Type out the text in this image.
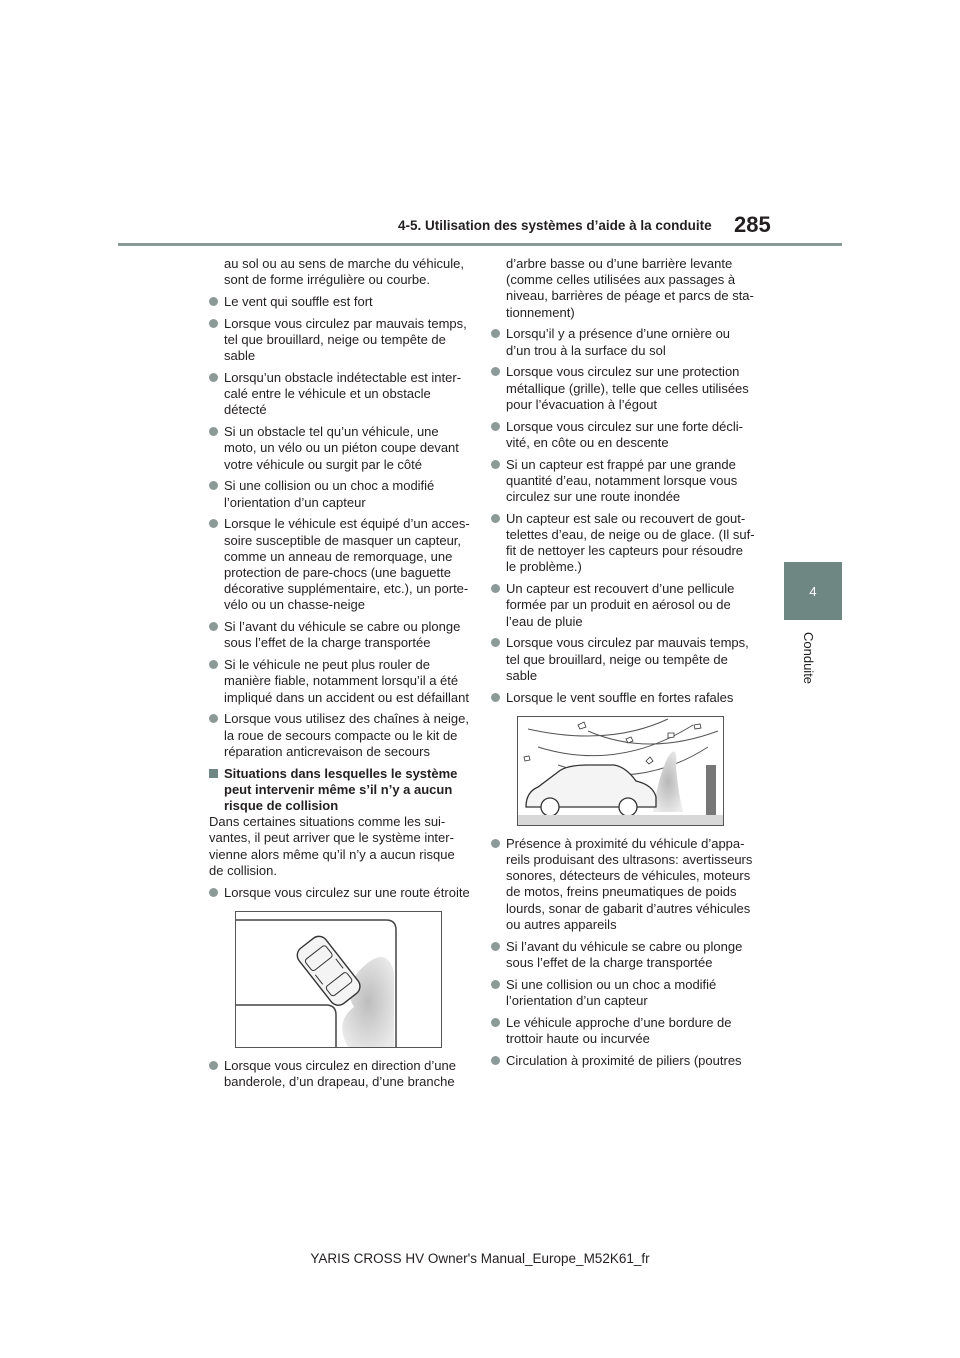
4-5. Utilisation des systèmes d’aide à la conduite 285
4
Conduite

au sol ou au sens de marche du véhicule, sont de forme irrégulière ou courbe.

Le vent qui souffle est fort
Lorsque vous circulez par mauvais temps, tel que brouillard, neige ou tempête de sable
Lorsqu’un obstacle indétectable est inter-calé entre le véhicule et un obstacle détecté
Si un obstacle tel qu’un véhicule, une moto, un vélo ou un piéton coupe devant votre véhicule ou surgit par le côté
Si une collision ou un choc a modifié l’orientation d’un capteur
Lorsque le véhicule est équipé d’un acces-soire susceptible de masquer un capteur, comme un anneau de remorquage, une protection de pare-chocs (une baguette décorative supplémentaire, etc.), un porte-vélo ou un chasse-neige
Si l’avant du véhicule se cabre ou plonge sous l’effet de la charge transportée
Si le véhicule ne peut plus rouler de manière fiable, notamment lorsqu’il a été impliqué dans un accident ou est défaillant
Lorsque vous utilisez des chaînes à neige, la roue de secours compacte ou le kit de réparation anticrevaison de secours
Situations dans lesquelles le système peut intervenir même s’il n’y a aucun risque de collision

Dans certaines situations comme les sui-vantes, il peut arriver que le système inter-vienne alors même qu’il n’y a aucun risque de collision.

Lorsque vous circulez sur une route étroite
Lorsque vous circulez en direction d’une banderole, d’un drapeau, d’une branche

d’arbre basse ou d’une barrière levante (comme celles utilisées aux passages à niveau, barrières de péage et parcs de sta-tionnement)

Lorsqu’il y a présence d’une ornière ou d’un trou à la surface du sol
Lorsque vous circulez sur une protection métallique (grille), telle que celles utilisées pour l’évacuation à l’égout
Lorsque vous circulez sur une forte décli-vité, en côte ou en descente
Si un capteur est frappé par une grande quantité d’eau, notamment lorsque vous circulez sur une route inondée
Un capteur est sale ou recouvert de gout-telettes d’eau, de neige ou de glace. (Il suf-fit de nettoyer les capteurs pour résoudre le problème.)
Un capteur est recouvert d’une pellicule formée par un produit en aérosol ou de l’eau de pluie
Lorsque vous circulez par mauvais temps, tel que brouillard, neige ou tempête de sable
Lorsque le vent souffle en fortes rafales
Présence à proximité du véhicule d’appa-reils produisant des ultrasons: avertisseurs sonores, détecteurs de véhicules, moteurs de motos, freins pneumatiques de poids lourds, sonar de gabarit d’autres véhicules ou autres appareils
Si l’avant du véhicule se cabre ou plonge sous l’effet de la charge transportée
Si une collision ou un choc a modifié l’orientation d’un capteur
Le véhicule approche d’une bordure de trottoir haute ou incurvée
Circulation à proximité de piliers (poutres
YARIS CROSS HV Owner's Manual_Europe_M52K61_fr
